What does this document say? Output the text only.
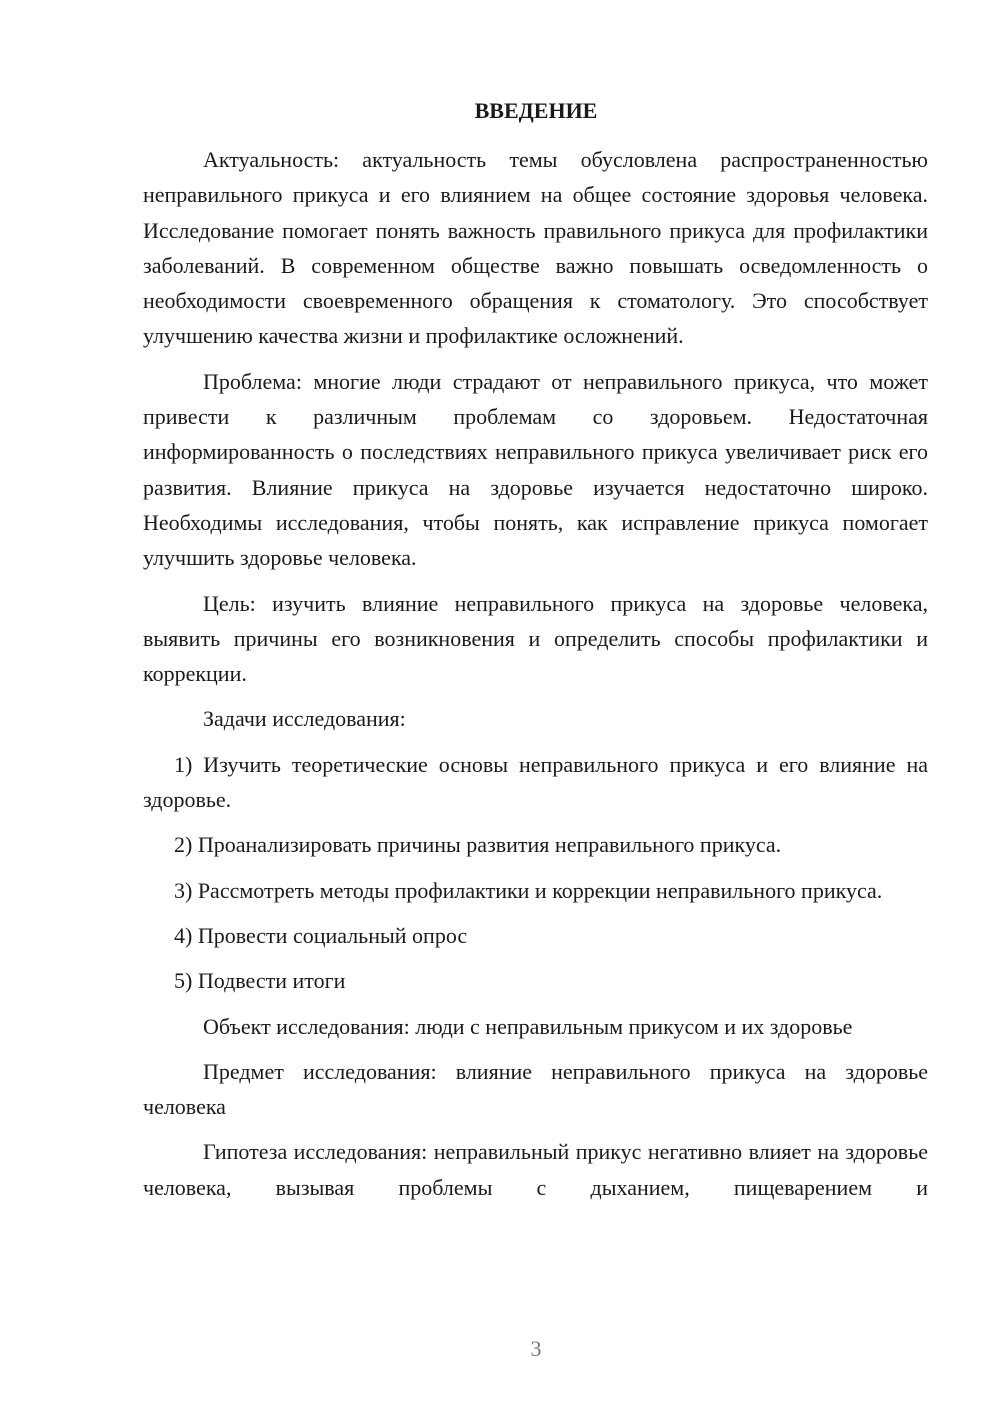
ВВЕДЕНИЕ

Актуальность: актуальность темы обусловлена распространенностью неправильного прикуса и его влиянием на общее состояние здоровья человека. Исследование помогает понять важность правильного прикуса для профилактики заболеваний. В современном обществе важно повышать осведомленность о необходимости своевременного обращения к стоматологу. Это способствует улучшению качества жизни и профилактике осложнений.

Проблема: многие люди страдают от неправильного прикуса, что может привести к различным проблемам со здоровьем. Недостаточная информированность о последствиях неправильного прикуса увеличивает риск его развития. Влияние прикуса на здоровье изучается недостаточно широко. Необходимы исследования, чтобы понять, как исправление прикуса помогает улучшить здоровье человека.

Цель: изучить влияние неправильного прикуса на здоровье человека, выявить причины его возникновения и определить способы профилактики и коррекции.

Задачи исследования:

1) Изучить теоретические основы неправильного прикуса и его влияние на здоровье.

2) Проанализировать причины развития неправильного прикуса.

3) Рассмотреть методы профилактики и коррекции неправильного прикуса.

4) Провести социальный опрос

5) Подвести итоги

Объект исследования: люди с неправильным прикусом и их здоровье

Предмет исследования: влияние неправильного прикуса на здоровье человека

Гипотеза исследования: неправильный прикус негативно влияет на здоровье человека, вызывая проблемы с дыханием, пищеварением и

3
